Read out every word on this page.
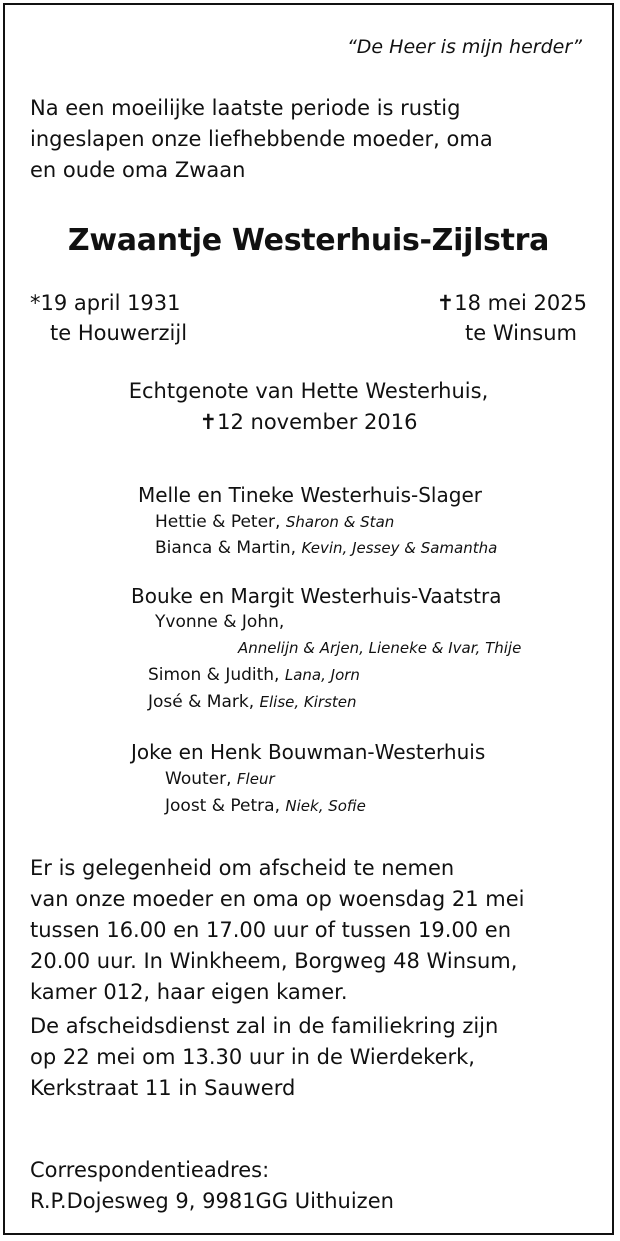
“De Heer is mijn herder”
Na een moeilijke laatste periode is rustig
ingeslapen onze liefhebbende moeder, oma
en oude oma Zwaan
Zwaantje Westerhuis‑Zijlstra
*19 april 1931
te Houwerzijl
✝18 mei 2025
te Winsum
Echtgenote van Hette Westerhuis,
✝12 november 2016
Melle en Tineke Westerhuis‑Slager
Hettie & Peter, Sharon & Stan
Bianca & Martin, Kevin, Jessey & Samantha
Bouke en Margit Westerhuis‑Vaatstra
Yvonne & John,
Annelijn & Arjen, Lieneke & Ivar, Thije
Simon & Judith, Lana, Jorn
José & Mark, Elise, Kirsten
Joke en Henk Bouwman‑Westerhuis
Wouter, Fleur
Joost & Petra, Niek, Sofie
Er is gelegenheid om afscheid te nemen
van onze moeder en oma op woensdag 21 mei
tussen 16.00 en 17.00 uur of tussen 19.00 en
20.00 uur. In Winkheem, Borgweg 48 Winsum,
kamer 012, haar eigen kamer.
De afscheidsdienst zal in de familiekring zijn
op 22 mei om 13.30 uur in de Wierdekerk,
Kerkstraat 11 in Sauwerd
Correspondentieadres:
R.P.Dojesweg 9, 9981GG Uithuizen
